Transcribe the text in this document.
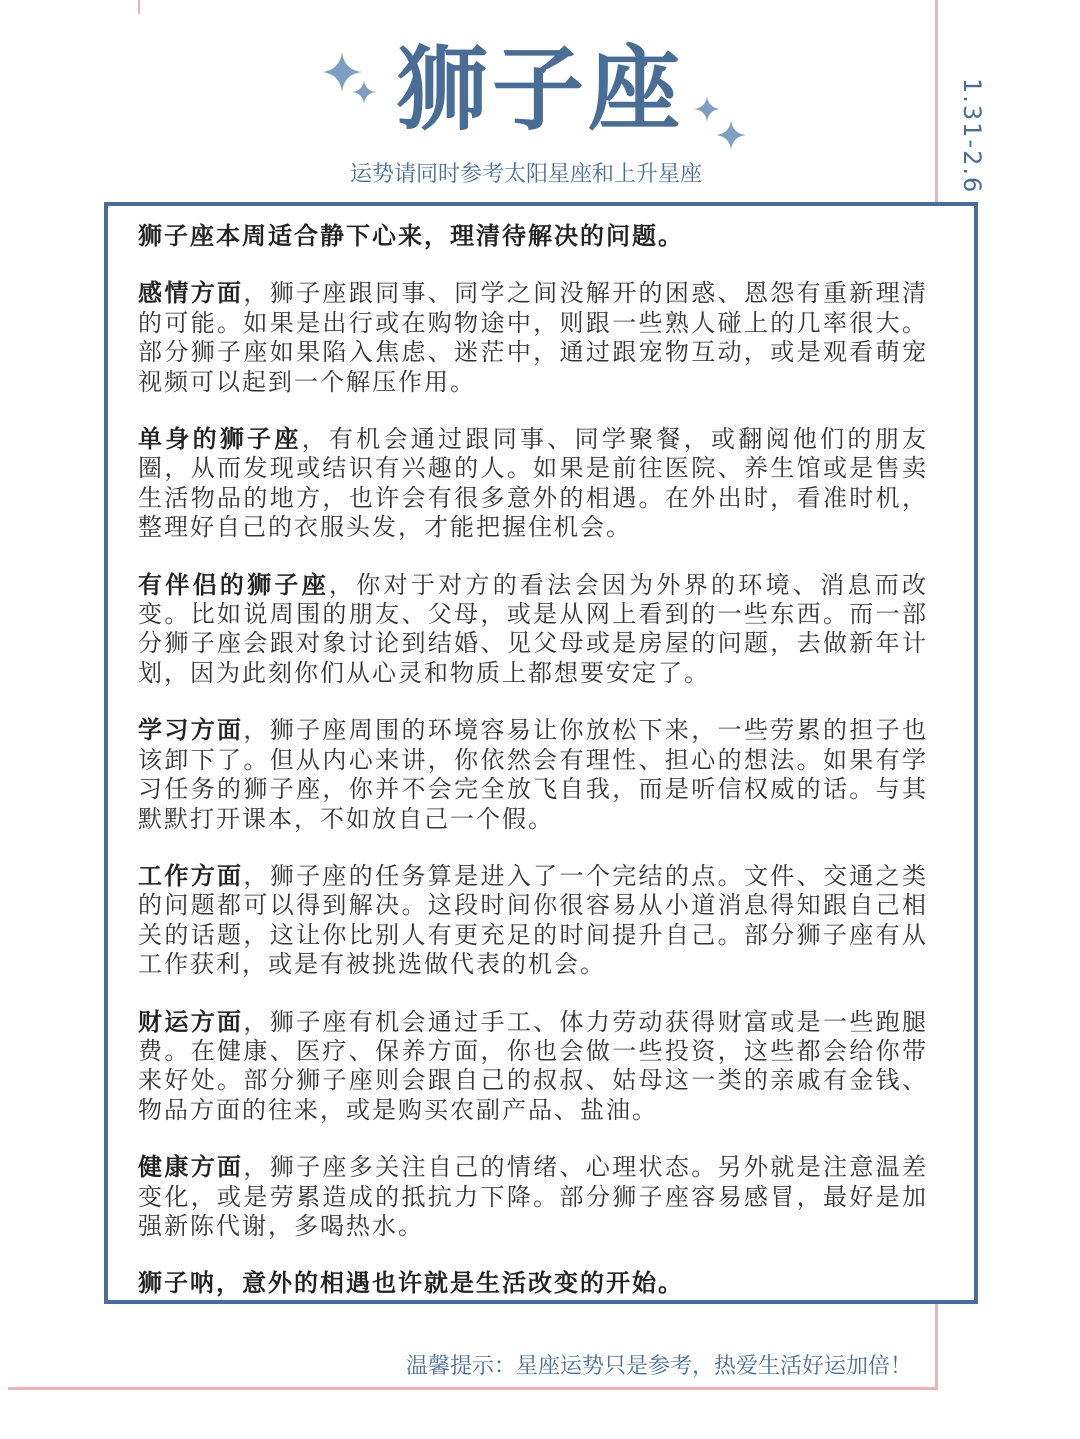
狮子座
运势请同时参考太阳星座和上升星座	1.31-2.6

狮子座本周适合静下心来，理清待解决的问题。

感情方面，狮子座跟同事、同学之间没解开的困惑、恩怨有重新理清的可能。如果是出行或在购物途中，则跟一些熟人碰上的几率很大。部分狮子座如果陷入焦虑、迷茫中，通过跟宠物互动，或是观看萌宠视频可以起到一个解压作用。

单身的狮子座，有机会通过跟同事、同学聚餐，或翻阅他们的朋友圈，从而发现或结识有兴趣的人。如果是前往医院、养生馆或是售卖生活物品的地方，也许会有很多意外的相遇。在外出时，看准时机，整理好自己的衣服头发，才能把握住机会。

有伴侣的狮子座，你对于对方的看法会因为外界的环境、消息而改变。比如说周围的朋友、父母，或是从网上看到的一些东西。而一部分狮子座会跟对象讨论到结婚、见父母或是房屋的问题，去做新年计划，因为此刻你们从心灵和物质上都想要安定了。

学习方面，狮子座周围的环境容易让你放松下来，一些劳累的担子也该卸下了。但从内心来讲，你依然会有理性、担心的想法。如果有学习任务的狮子座，你并不会完全放飞自我，而是听信权威的话。与其默默打开课本，不如放自己一个假。

工作方面，狮子座的任务算是进入了一个完结的点。文件、交通之类的问题都可以得到解决。这段时间你很容易从小道消息得知跟自己相关的话题，这让你比别人有更充足的时间提升自己。部分狮子座有从工作获利，或是有被挑选做代表的机会。

财运方面，狮子座有机会通过手工、体力劳动获得财富或是一些跑腿费。在健康、医疗、保养方面，你也会做一些投资，这些都会给你带来好处。部分狮子座则会跟自己的叔叔、姑母这一类的亲戚有金钱、物品方面的往来，或是购买农副产品、盐油。

健康方面，狮子座多关注自己的情绪、心理状态。另外就是注意温差变化，或是劳累造成的抵抗力下降。部分狮子座容易感冒，最好是加强新陈代谢，多喝热水。

狮子呐，意外的相遇也许就是生活改变的开始。

温馨提示：星座运势只是参考，热爱生活好运加倍！
